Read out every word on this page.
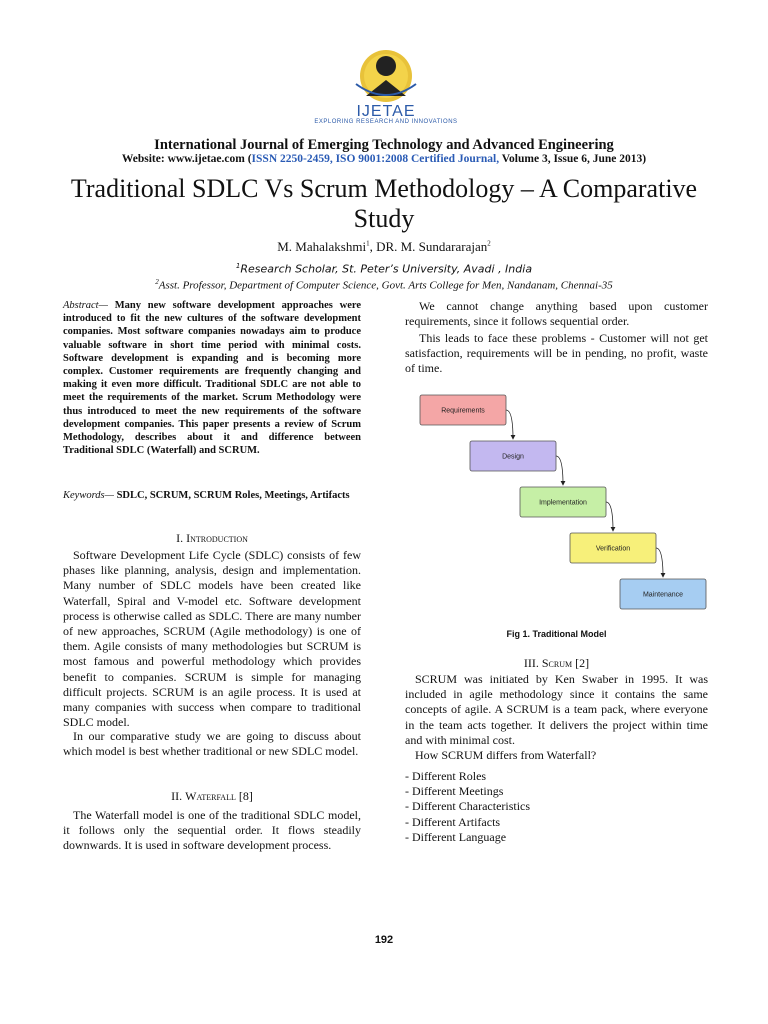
IJETAE
EXPLORING RESEARCH AND INNOVATIONS
International Journal of Emerging Technology and Advanced Engineering
Website: www.ijetae.com (ISSN 2250-2459, ISO 9001:2008 Certified Journal, Volume 3, Issue 6, June 2013)
Traditional SDLC Vs Scrum Methodology – A Comparative Study
M. Mahalakshmi$^1$, DR. M. Sundararajan$^2$
$^1$Research Scholar, St. Peter’s University, Avadi , India
$^2$Asst. Professor, Department of Computer Science, Govt. Arts College for Men, Nandanam, Chennai-35
Abstract— Many new software development approaches were introduced to fit the new cultures of the software development companies. Most software companies nowadays aim to produce valuable software in short time period with minimal costs. Software development is expanding and is becoming more complex. Customer requirements are frequently changing and making it even more difficult. Traditional SDLC are not able to meet the requirements of the market. Scrum Methodology were thus introduced to meet the new requirements of the software development companies. This paper presents a review of Scrum Methodology, describes about it and difference between Traditional SDLC (Waterfall) and SCRUM.
Keywords— SDLC, SCRUM, SCRUM Roles, Meetings, Artifacts
I. Introduction
Software Development Life Cycle (SDLC) consists of few phases like planning, analysis, design and implementation. Many number of SDLC models have been created like Waterfall, Spiral and V-model etc. Software development process is otherwise called as SDLC. There are many number of new approaches, SCRUM (Agile methodology) is one of them. Agile consists of many methodologies but SCRUM is most famous and powerful methodology which provides benefit to companies. SCRUM is simple for managing difficult projects. SCRUM is an agile process. It is used at many companies with success when compare to traditional SDLC model.
In our comparative study we are going to discuss about which model is best whether traditional or new SDLC model.
II. Waterfall [8]
The Waterfall model is one of the traditional SDLC model, it follows only the sequential order. It flows steadily downwards. It is used in software development process.
We cannot change anything based upon customer requirements, since it follows sequential order.
This leads to face these problems - Customer will not get satisfaction, requirements will be in pending, no profit, waste of time.
Requirements
Design
Implementation
Verification
Maintenance
Fig 1. Traditional Model
III. Scrum [2]
SCRUM was initiated by Ken Swaber in 1995. It was included in agile methodology since it contains the same concepts of agile. A SCRUM is a team pack, where everyone in the team acts together. It delivers the project within time and with minimal cost.
How SCRUM differs from Waterfall?
- Different Roles
- Different Meetings
- Different Characteristics
- Different Artifacts
- Different Language
192
